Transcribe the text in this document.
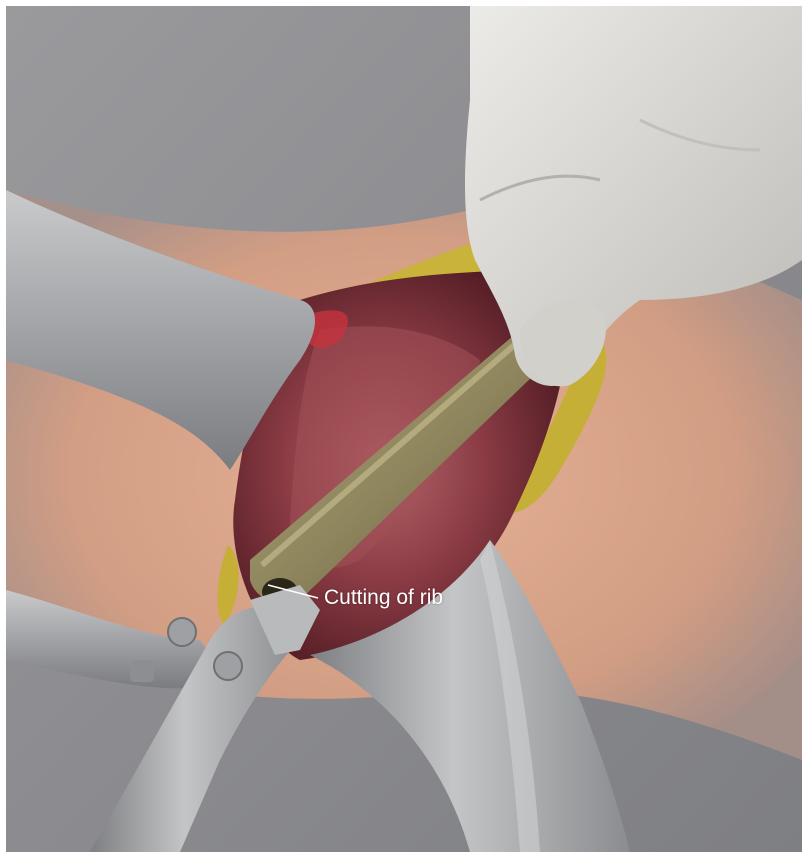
Cutting of rib
